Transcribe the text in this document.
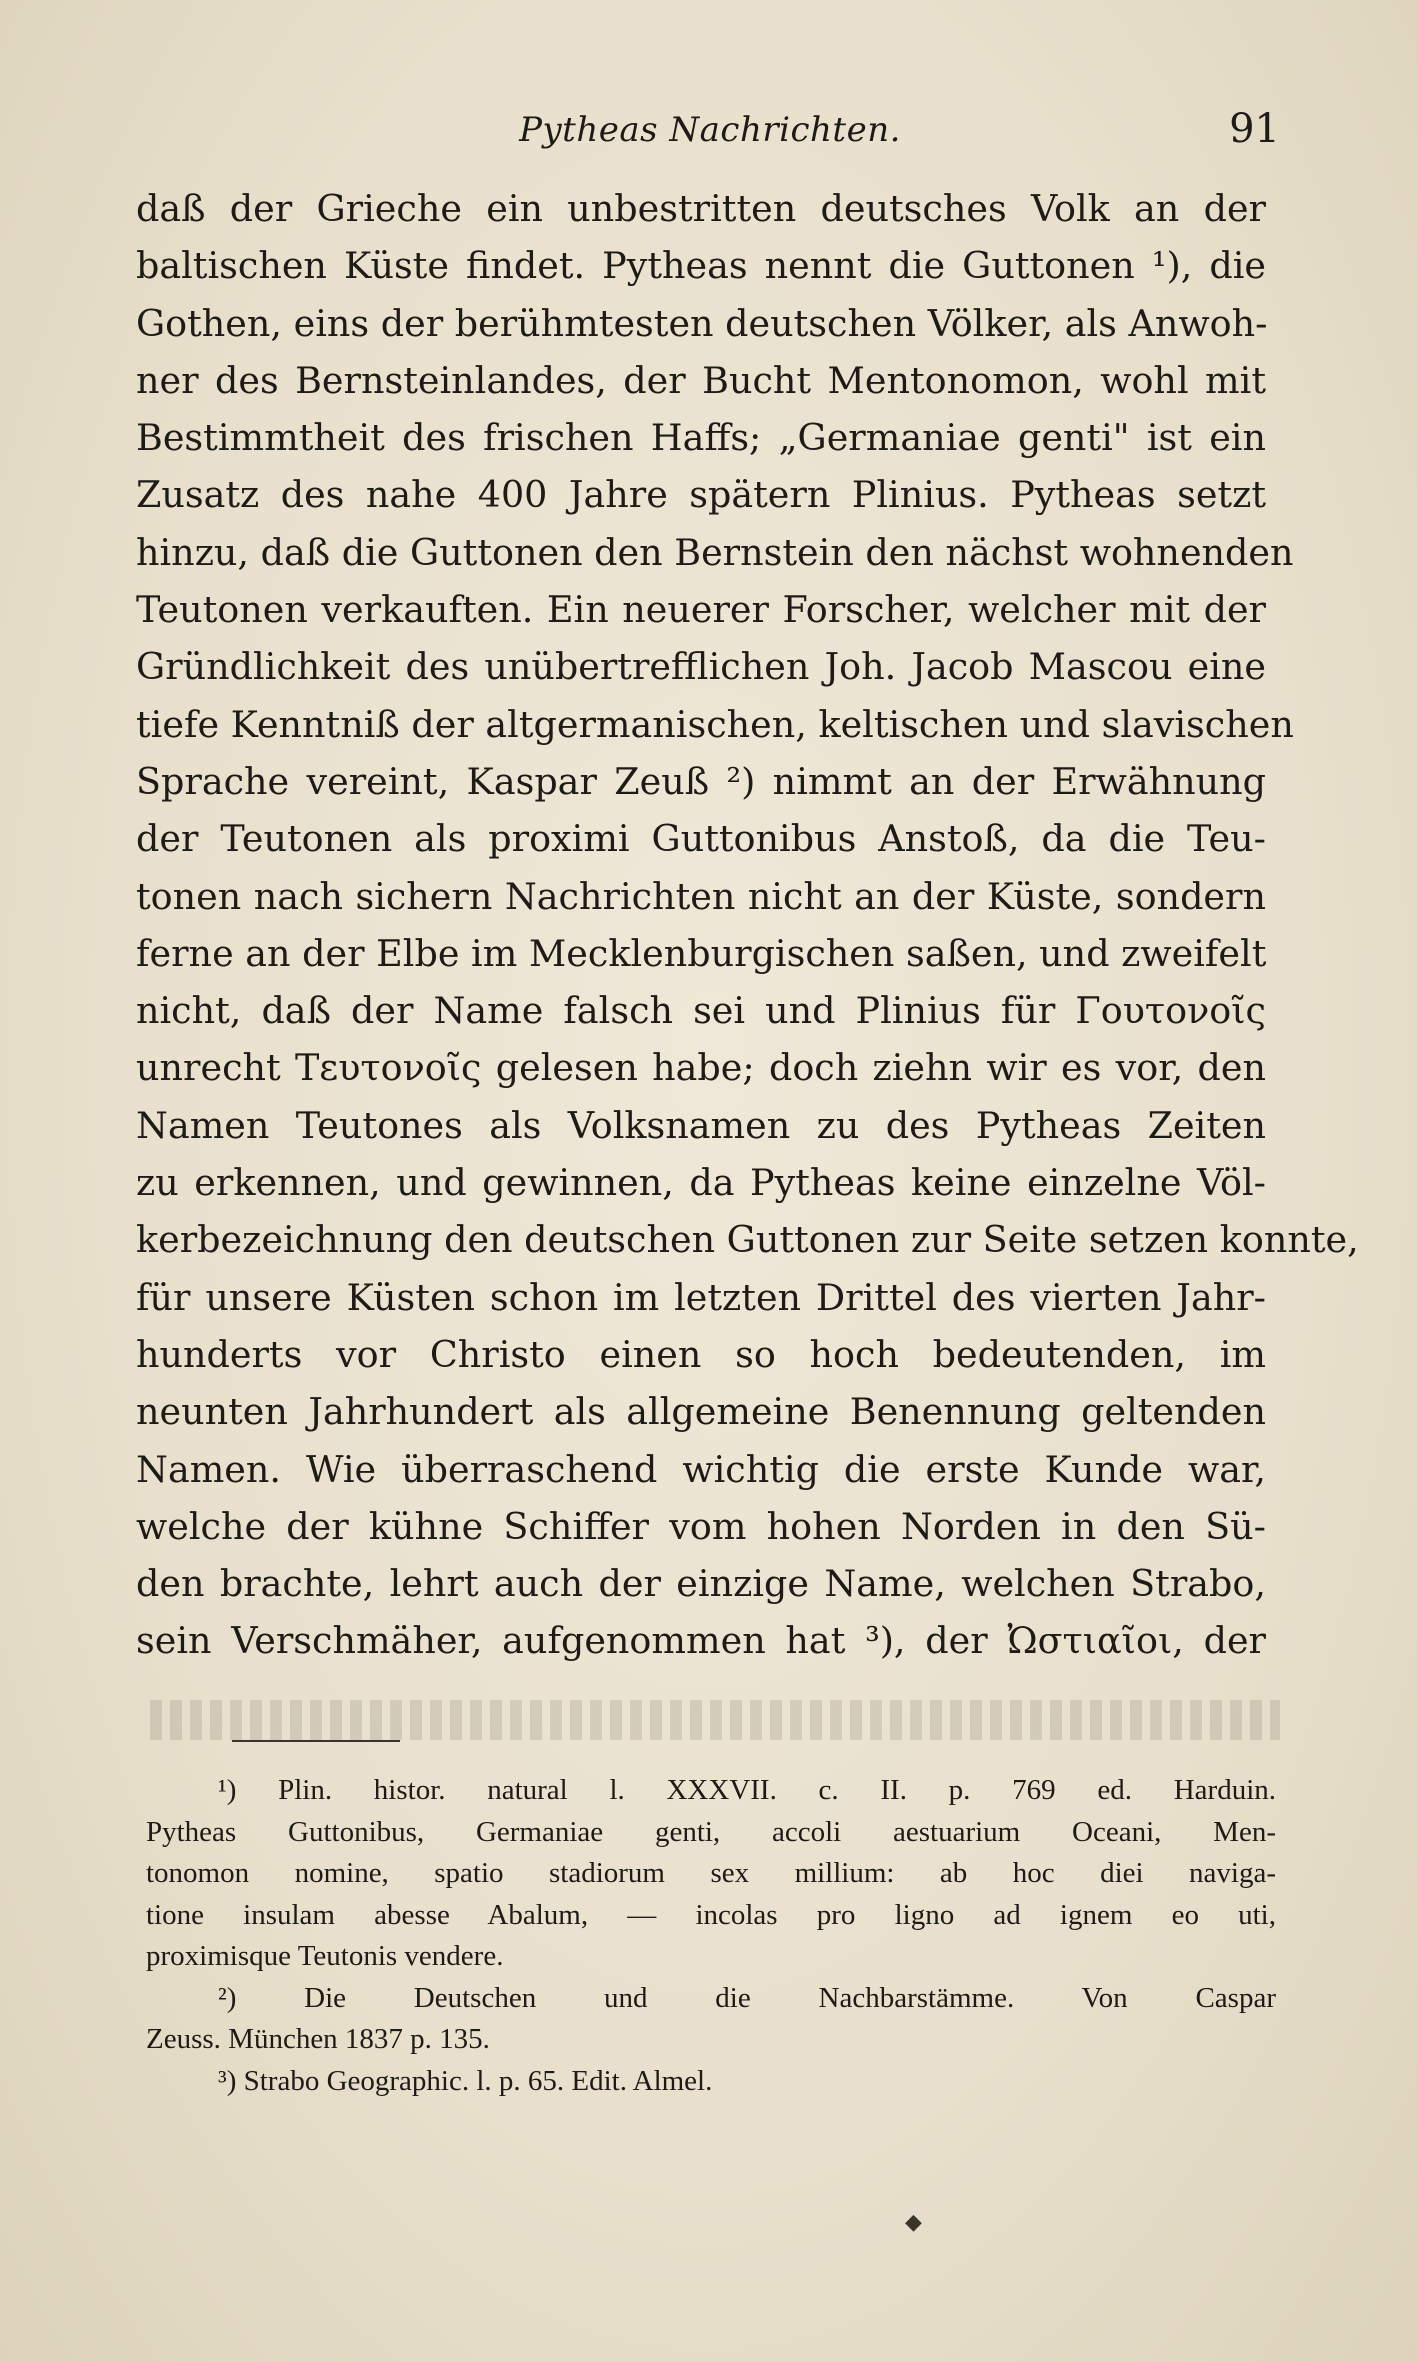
Pytheas Nachrichten.	91
daß der Grieche ein unbestritten deutsches Volk an der
baltischen Küste findet. Pytheas nennt die Guttonen ¹), die
Gothen, eins der berühmtesten deutschen Völker, als Anwoh-
ner des Bernsteinlandes, der Bucht Mentonomon, wohl mit
Bestimmtheit des frischen Haffs; „Germaniae genti" ist ein
Zusatz des nahe 400 Jahre spätern Plinius. Pytheas setzt
hinzu, daß die Guttonen den Bernstein den nächst wohnenden
Teutonen verkauften. Ein neuerer Forscher, welcher mit der
Gründlichkeit des unübertrefflichen Joh. Jacob Mascou eine
tiefe Kenntniß der altgermanischen, keltischen und slavischen
Sprache vereint, Kaspar Zeuß ²) nimmt an der Erwähnung
der Teutonen als proximi Guttonibus Anstoß, da die Teu-
tonen nach sichern Nachrichten nicht an der Küste, sondern
ferne an der Elbe im Mecklenburgischen saßen, und zweifelt
nicht, daß der Name falsch sei und Plinius für Γουτονοῖς
unrecht Τευτονοῖς gelesen habe; doch ziehn wir es vor, den
Namen Teutones als Volksnamen zu des Pytheas Zeiten
zu erkennen, und gewinnen, da Pytheas keine einzelne Völ-
kerbezeichnung den deutschen Guttonen zur Seite setzen konnte,
für unsere Küsten schon im letzten Drittel des vierten Jahr-
hunderts vor Christo einen so hoch bedeutenden, im
neunten Jahrhundert als allgemeine Benennung geltenden
Namen. Wie überraschend wichtig die erste Kunde war,
welche der kühne Schiffer vom hohen Norden in den Sü-
den brachte, lehrt auch der einzige Name, welchen Strabo,
sein Verschmäher, aufgenommen hat ³), der Ὠστιαῖοι, der
¹) Plin. histor. natural l. XXXVII. c. II. p. 769 ed. Harduin.
Pytheas Guttonibus, Germaniae genti, accoli aestuarium Oceani, Men-
tonomon nomine, spatio stadiorum sex millium: ab hoc diei naviga-
tione insulam abesse Abalum, — incolas pro ligno ad ignem eo uti,
proximisque Teutonis vendere.
²) Die Deutschen und die Nachbarstämme. Von Caspar
Zeuss. München 1837 p. 135.
³) Strabo Geographic. l. p. 65. Edit. Almel.
◆
